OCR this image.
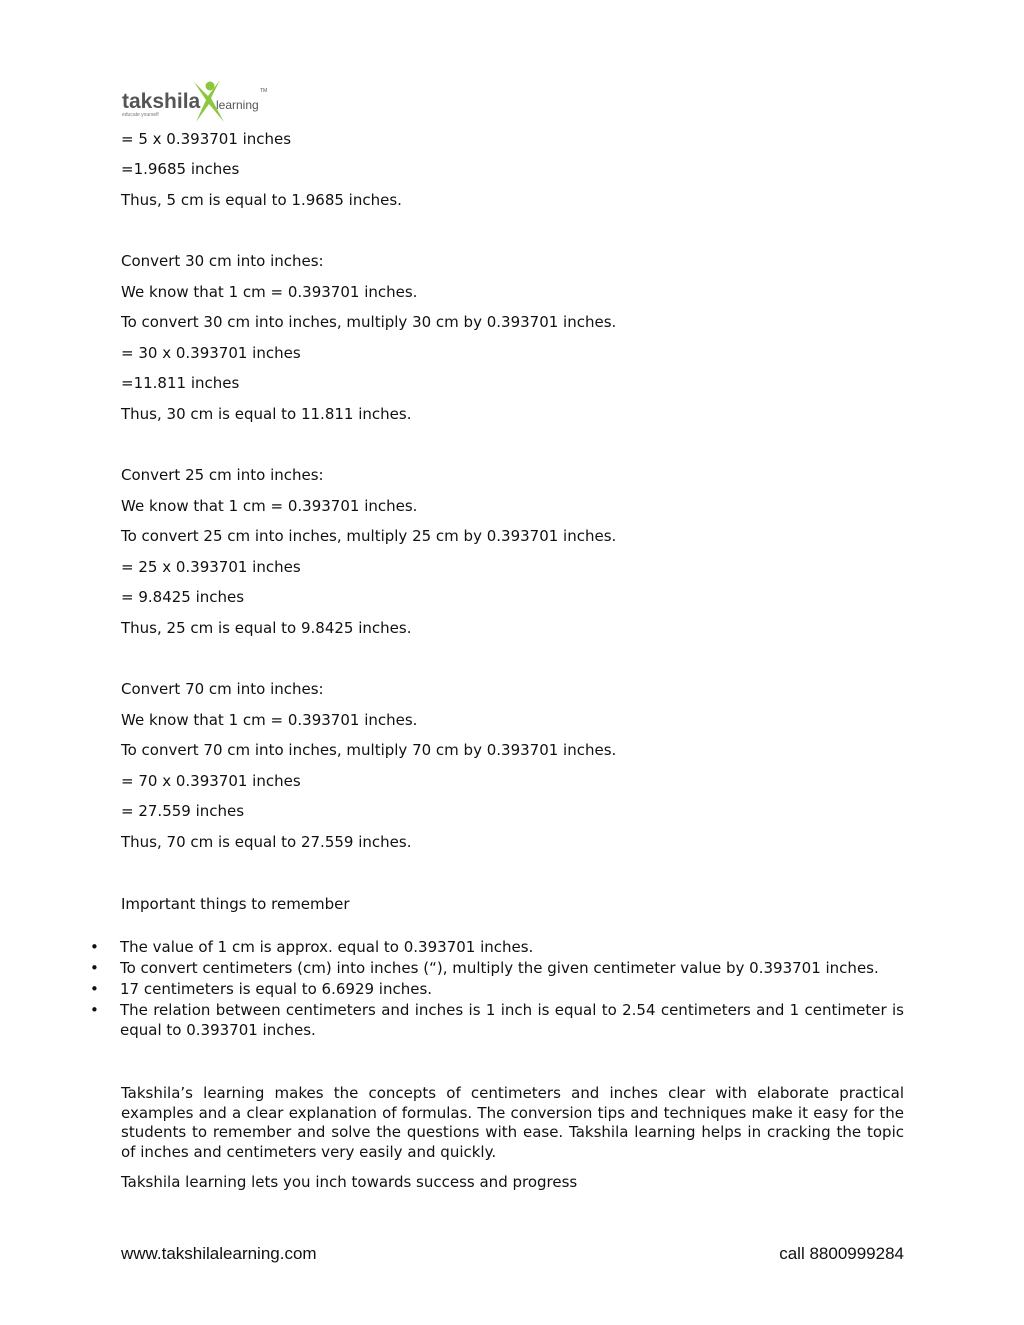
takshila learning
TM
educate yourself
= 5 x 0.393701 inches
=1.9685 inches
Thus, 5 cm is equal to 1.9685 inches.
Convert 30 cm into inches:
We know that 1 cm = 0.393701 inches.
To convert 30 cm into inches, multiply 30 cm by 0.393701 inches.
= 30 x 0.393701 inches
=11.811 inches
Thus, 30 cm is equal to 11.811 inches.
Convert 25 cm into inches:
We know that 1 cm = 0.393701 inches.
To convert 25 cm into inches, multiply 25 cm by 0.393701 inches.
= 25 x 0.393701 inches
= 9.8425 inches
Thus, 25 cm is equal to 9.8425 inches.
Convert 70 cm into inches:
We know that 1 cm = 0.393701 inches.
To convert 70 cm into inches, multiply 70 cm by 0.393701 inches.
= 70 x 0.393701 inches
= 27.559 inches
Thus, 70 cm is equal to 27.559 inches.
Important things to remember
• The value of 1 cm is approx. equal to 0.393701 inches.
• To convert centimeters (cm) into inches (“), multiply the given centimeter value by 0.393701 inches.
• 17 centimeters is equal to 6.6929 inches.
• The relation between centimeters and inches is 1 inch is equal to 2.54 centimeters and 1 centimeter is equal to 0.393701 inches.
Takshila’s learning makes the concepts of centimeters and inches clear with elaborate practical examples and a clear explanation of formulas. The conversion tips and techniques make it easy for the students to remember and solve the questions with ease. Takshila learning helps in cracking the topic of inches and centimeters very easily and quickly.
Takshila learning lets you inch towards success and progress
www.takshilalearning.com	call 8800999284
